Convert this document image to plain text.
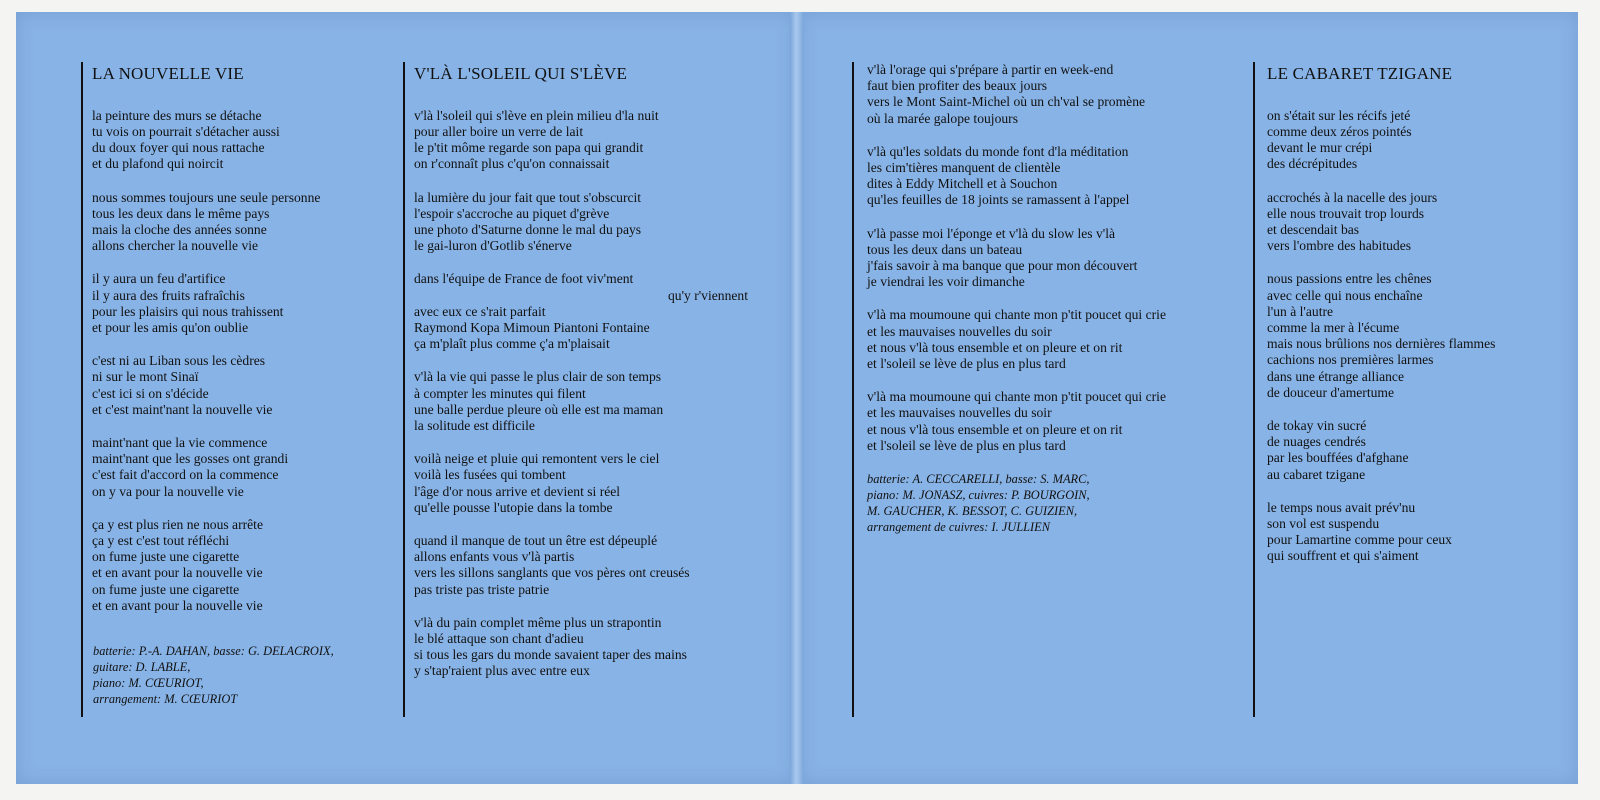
LA NOUVELLE VIE
la peinture des murs se détache
tu vois on pourrait s'détacher aussi
du doux foyer qui nous rattache
et du plafond qui noircit
nous sommes toujours une seule personne
tous les deux dans le même pays
mais la cloche des années sonne
allons chercher la nouvelle vie
il y aura un feu d'artifice
il y aura des fruits rafraîchis
pour les plaisirs qui nous trahissent
et pour les amis qu'on oublie
c'est ni au Liban sous les cèdres
ni sur le mont Sinaï
c'est ici si on s'décide
et c'est maint'nant la nouvelle vie
maint'nant que la vie commence
maint'nant que les gosses ont grandi
c'est fait d'accord on la commence
on y va pour la nouvelle vie
ça y est plus rien ne nous arrête
ça y est c'est tout réfléchi
on fume juste une cigarette
et en avant pour la nouvelle vie
on fume juste une cigarette
et en avant pour la nouvelle vie
batterie: P.-A. DAHAN, basse: G. DELACROIX,
guitare: D. LABLE,
piano: M. CŒURIOT,
arrangement: M. CŒURIOT
V'LÀ L'SOLEIL QUI S'LÈVE
v'là l'soleil qui s'lève en plein milieu d'la nuit
pour aller boire un verre de lait
le p'tit môme regarde son papa qui grandit
on r'connaît plus c'qu'on connaissait
la lumière du jour fait que tout s'obscurcit
l'espoir s'accroche au piquet d'grève
une photo d'Saturne donne le mal du pays
le gai-luron d'Gotlib s'énerve
dans l'équipe de France de foot viv'ment
qu'y r'viennent
avec eux ce s'rait parfait
Raymond Kopa Mimoun Piantoni Fontaine
ça m'plaît plus comme ç'a m'plaisait
v'là la vie qui passe le plus clair de son temps
à compter les minutes qui filent
une balle perdue pleure où elle est ma maman
la solitude est difficile
voilà neige et pluie qui remontent vers le ciel
voilà les fusées qui tombent
l'âge d'or nous arrive et devient si réel
qu'elle pousse l'utopie dans la tombe
quand il manque de tout un être est dépeuplé
allons enfants vous v'là partis
vers les sillons sanglants que vos pères ont creusés
pas triste pas triste patrie
v'là du pain complet même plus un strapontin
le blé attaque son chant d'adieu
si tous les gars du monde savaient taper des mains
y s'tap'raient plus avec entre eux
v'là l'orage qui s'prépare à partir en week-end
faut bien profiter des beaux jours
vers le Mont Saint-Michel où un ch'val se promène
où la marée galope toujours
v'là qu'les soldats du monde font d'la méditation
les cim'tières manquent de clientèle
dites à Eddy Mitchell et à Souchon
qu'les feuilles de 18 joints se ramassent à l'appel
v'là passe moi l'éponge et v'là du slow les v'là
tous les deux dans un bateau
j'fais savoir à ma banque que pour mon découvert
je viendrai les voir dimanche
v'là ma moumoune qui chante mon p'tit poucet qui crie
et les mauvaises nouvelles du soir
et nous v'là tous ensemble et on pleure et on rit
et l'soleil se lève de plus en plus tard
v'là ma moumoune qui chante mon p'tit poucet qui crie
et les mauvaises nouvelles du soir
et nous v'là tous ensemble et on pleure et on rit
et l'soleil se lève de plus en plus tard
batterie: A. CECCARELLI, basse: S. MARC,
piano: M. JONASZ, cuivres: P. BOURGOIN,
M. GAUCHER, K. BESSOT, C. GUIZIEN,
arrangement de cuivres: I. JULLIEN
LE CABARET TZIGANE
on s'était sur les récifs jeté
comme deux zéros pointés
devant le mur crépi
des décrépitudes
accrochés à la nacelle des jours
elle nous trouvait trop lourds
et descendait bas
vers l'ombre des habitudes
nous passions entre les chênes
avec celle qui nous enchaîne
l'un à l'autre
comme la mer à l'écume
mais nous brûlions nos dernières flammes
cachions nos premières larmes
dans une étrange alliance
de douceur d'amertume
de tokay vin sucré
de nuages cendrés
par les bouffées d'afghane
au cabaret tzigane
le temps nous avait prév'nu
son vol est suspendu
pour Lamartine comme pour ceux
qui souffrent et qui s'aiment
